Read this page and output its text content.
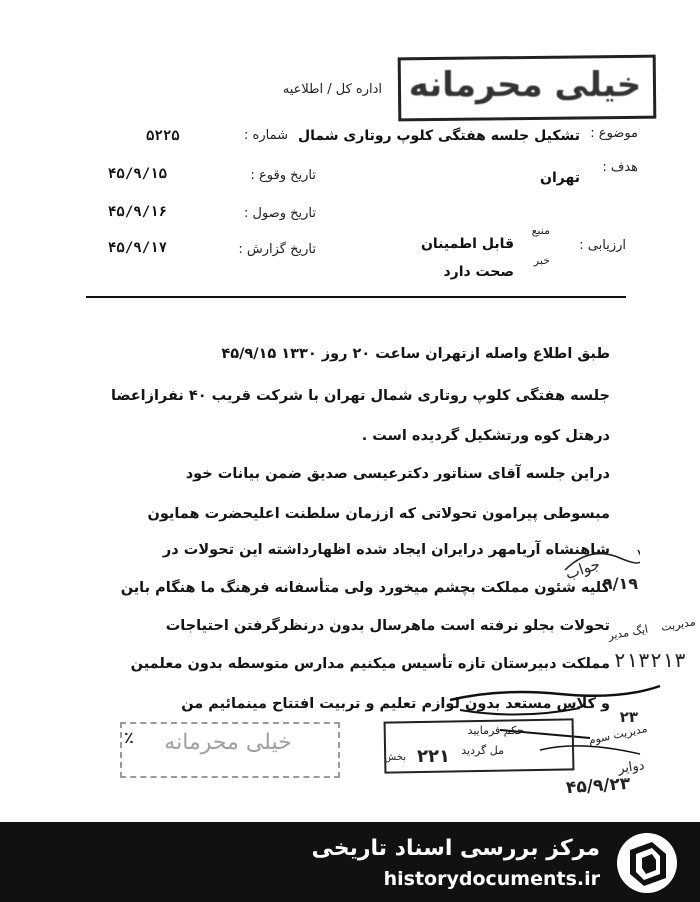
خیلی محرمانه
اداره‌ کل / اطلاعیه
موضوع :
تشکیل جلسه هفتگی کلوپ روتاری شمال
شماره :
۵۲۲۵
هدف :
تهران
تاریخ وقوع :
۴۵/۹/۱۵
تاریخ وصول :
۴۵/۹/۱۶
ارزیابی :
منبع
خبر
قابل اطمینان
صحت دارد
تاریخ گزارش :
۴۵/۹/۱۷
طبق اطلاع واصله ازتهران ساعت ۲۰ روز ۱۳۳۰ ۴۵/۹/۱۵
جلسه هفتگی کلوپ روتاری شمال تهران با شرکت قریب ۴۰ نفرازاعضا
درهتل کوه ورتشکیل گردیده است .
دراین جلسه آقای سناتور دکترعیسی صدیق ضمن بیانات خود
مبسوطی پیرامون تحولاتی که اززمان سلطنت اعلیحضرت همایون
شاهنشاه آریامهر درایران ایجاد شده اظهارداشته این تحولات در
کلیه شئون مملکت بچشم میخورد ولی متأسفانه فرهنگ ما هنگام باین
تحولات بجلو نرفته است ماهرسال بدون درنظرگرفتن احتیاجات
مملکت دبیرستان تازه تأسیس میکنیم مدارس متوسطه بدون معلمین
و کلاس مستعد بدون لوازم تعلیم و تربیت افتتاح مینمائیم من
جواب
۹/۱۹
مدیریت
ایگ مدیر
۲۱۳۲۱۳
۲۳
مدیریت سوم
دوایر
٪	خیلی محرمانه	حکم فرمایید
مل گردید
۲۲۱
بخش
۴۵/۹/۲۳
مرکز بررسی اسناد تاریخی
historydocuments.ir
